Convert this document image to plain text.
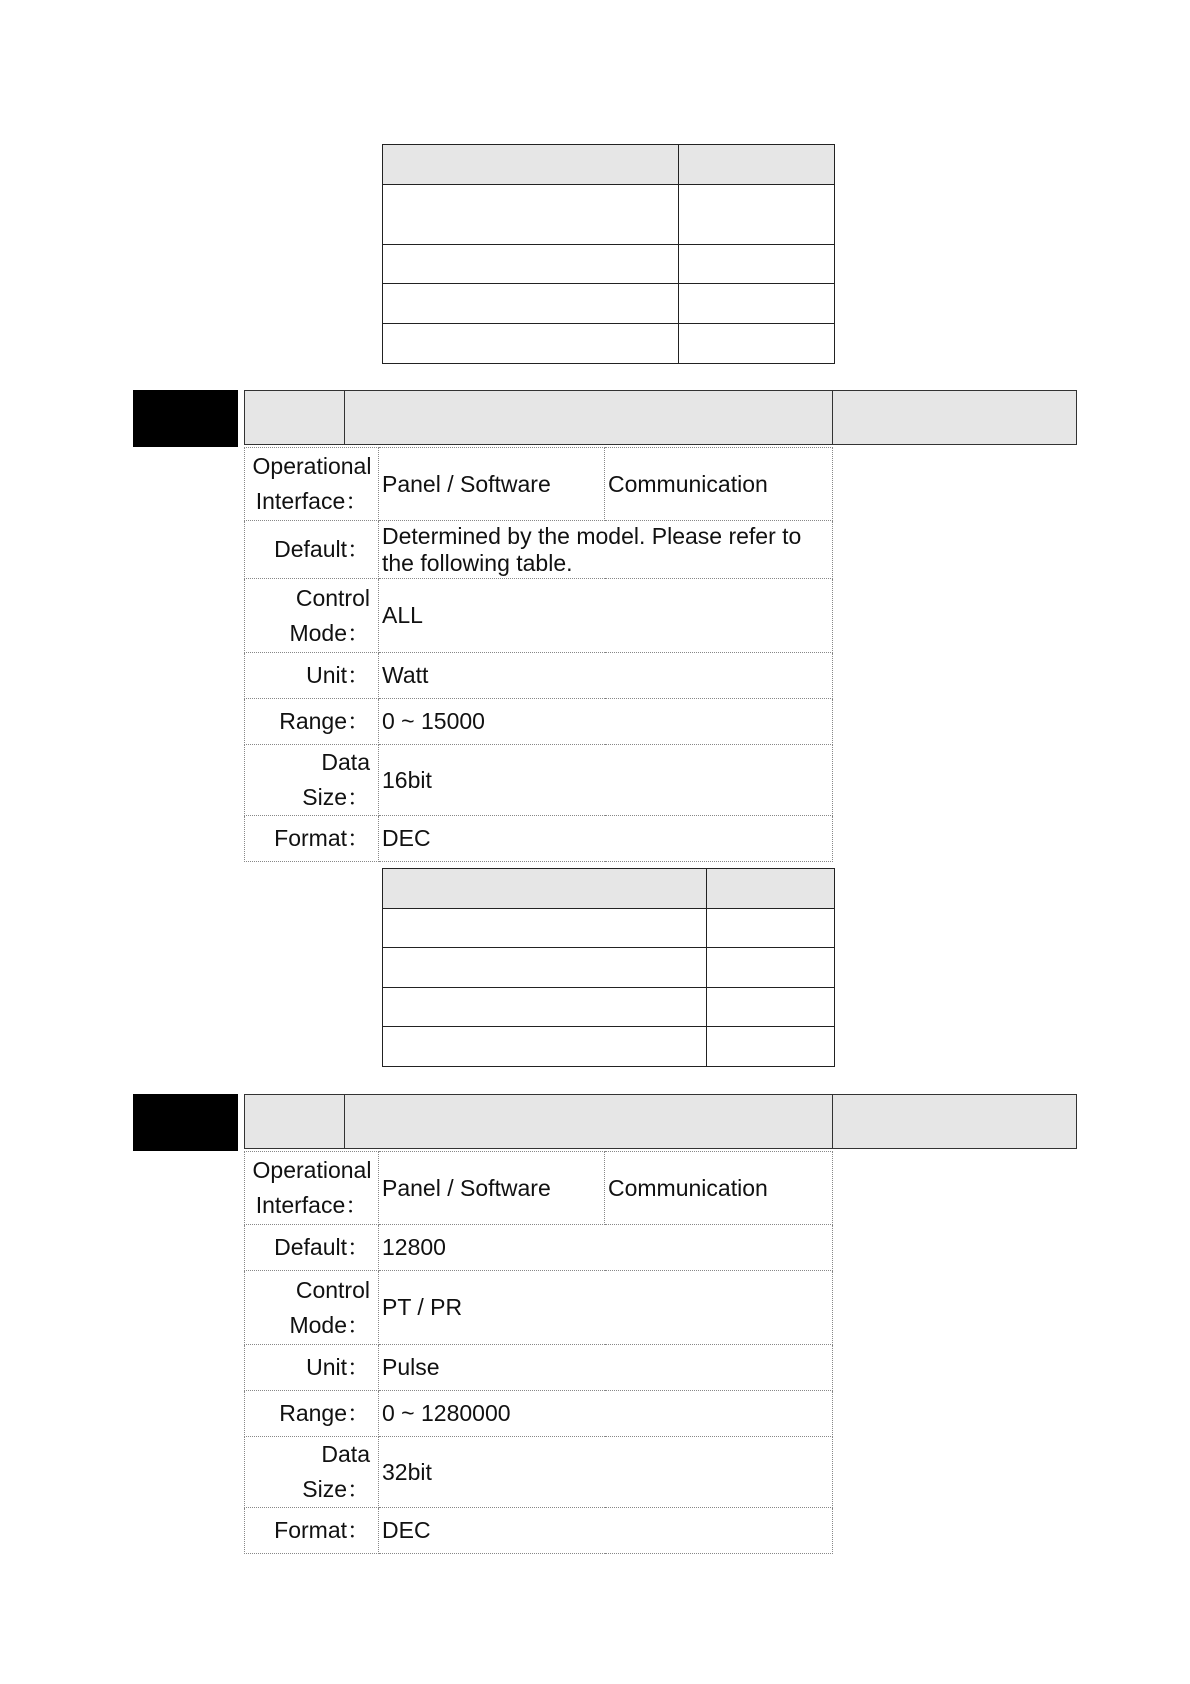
Operational
Interface：	Panel / Software	Communication
Default：	Determined by the model. Please refer to the following table.	
Control
Mode：	ALL	
Unit：	Watt	
Range：	0 ~ 15000	
Data Size：	16bit	
Format：	DEC	

Operational
Interface：	Panel / Software	Communication
Default：	12800	
Control
Mode：	PT / PR	
Unit：	Pulse	
Range：	0 ~ 1280000	
Data Size：	32bit	
Format：	DEC	
